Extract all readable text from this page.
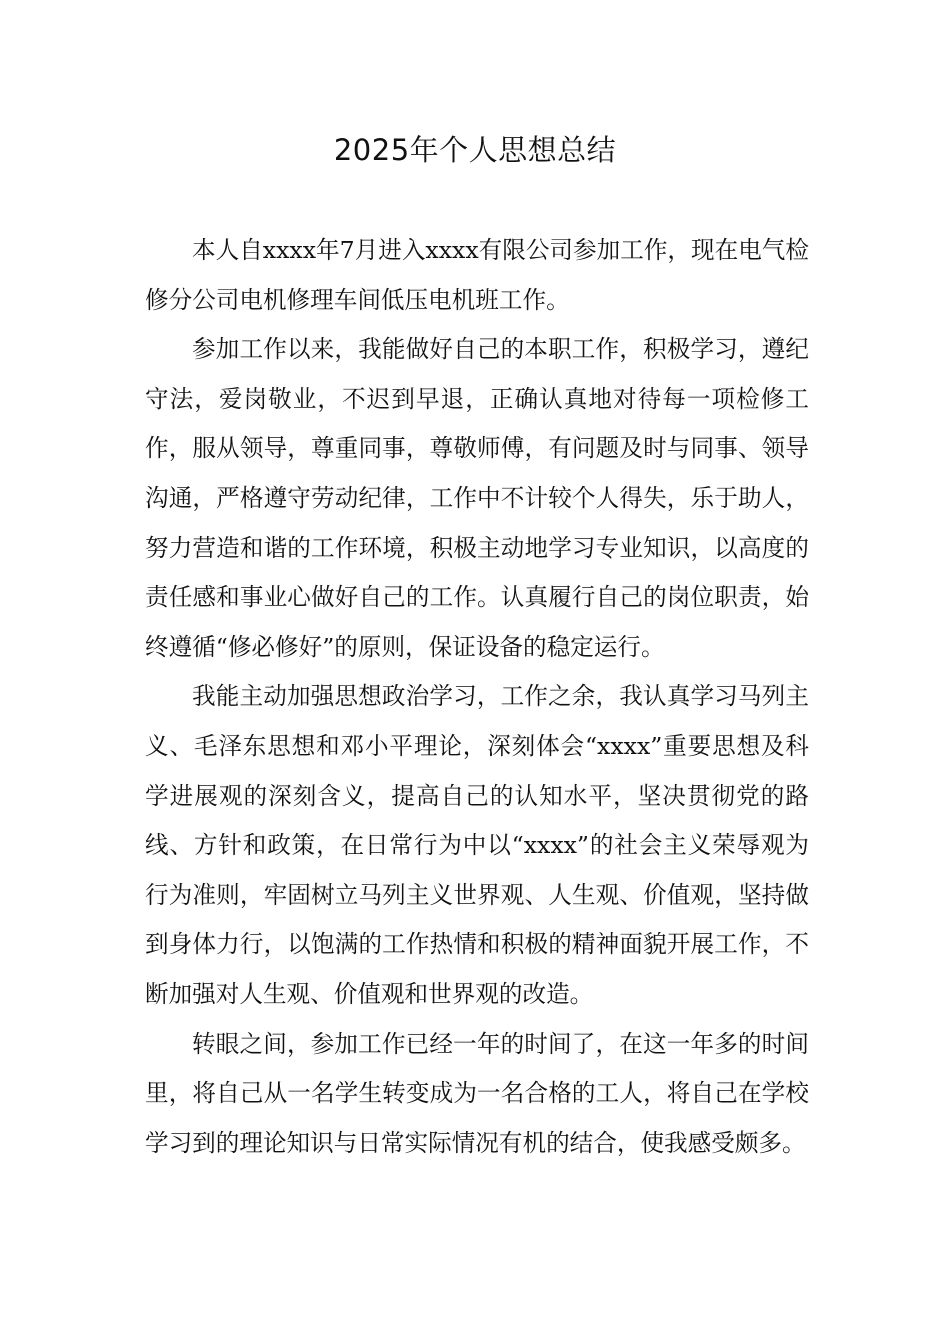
2025年个人思想总结

本人自xxxx年7月进入xxxx有限公司参加工作，现在电气检修分公司电机修理车间低压电机班工作。

参加工作以来，我能做好自己的本职工作，积极学习，遵纪守法，爱岗敬业，不迟到早退，正确认真地对待每一项检修工作，服从领导，尊重同事，尊敬师傅，有问题及时与同事、领导沟通，严格遵守劳动纪律，工作中不计较个人得失，乐于助人，努力营造和谐的工作环境，积极主动地学习专业知识，以高度的责任感和事业心做好自己的工作。认真履行自己的岗位职责，始终遵循“修必修好”的原则，保证设备的稳定运行。

我能主动加强思想政治学习，工作之余，我认真学习马列主义、毛泽东思想和邓小平理论，深刻体会“xxxx”重要思想及科学进展观的深刻含义，提高自己的认知水平，坚决贯彻党的路线、方针和政策，在日常行为中以“xxxx”的社会主义荣辱观为行为准则，牢固树立马列主义世界观、人生观、价值观，坚持做到身体力行，以饱满的工作热情和积极的精神面貌开展工作，不断加强对人生观、价值观和世界观的改造。

转眼之间，参加工作已经一年的时间了，在这一年多的时间里，将自己从一名学生转变成为一名合格的工人，将自己在学校学习到的理论知识与日常实际情况有机的结合，使我感受颇多。
